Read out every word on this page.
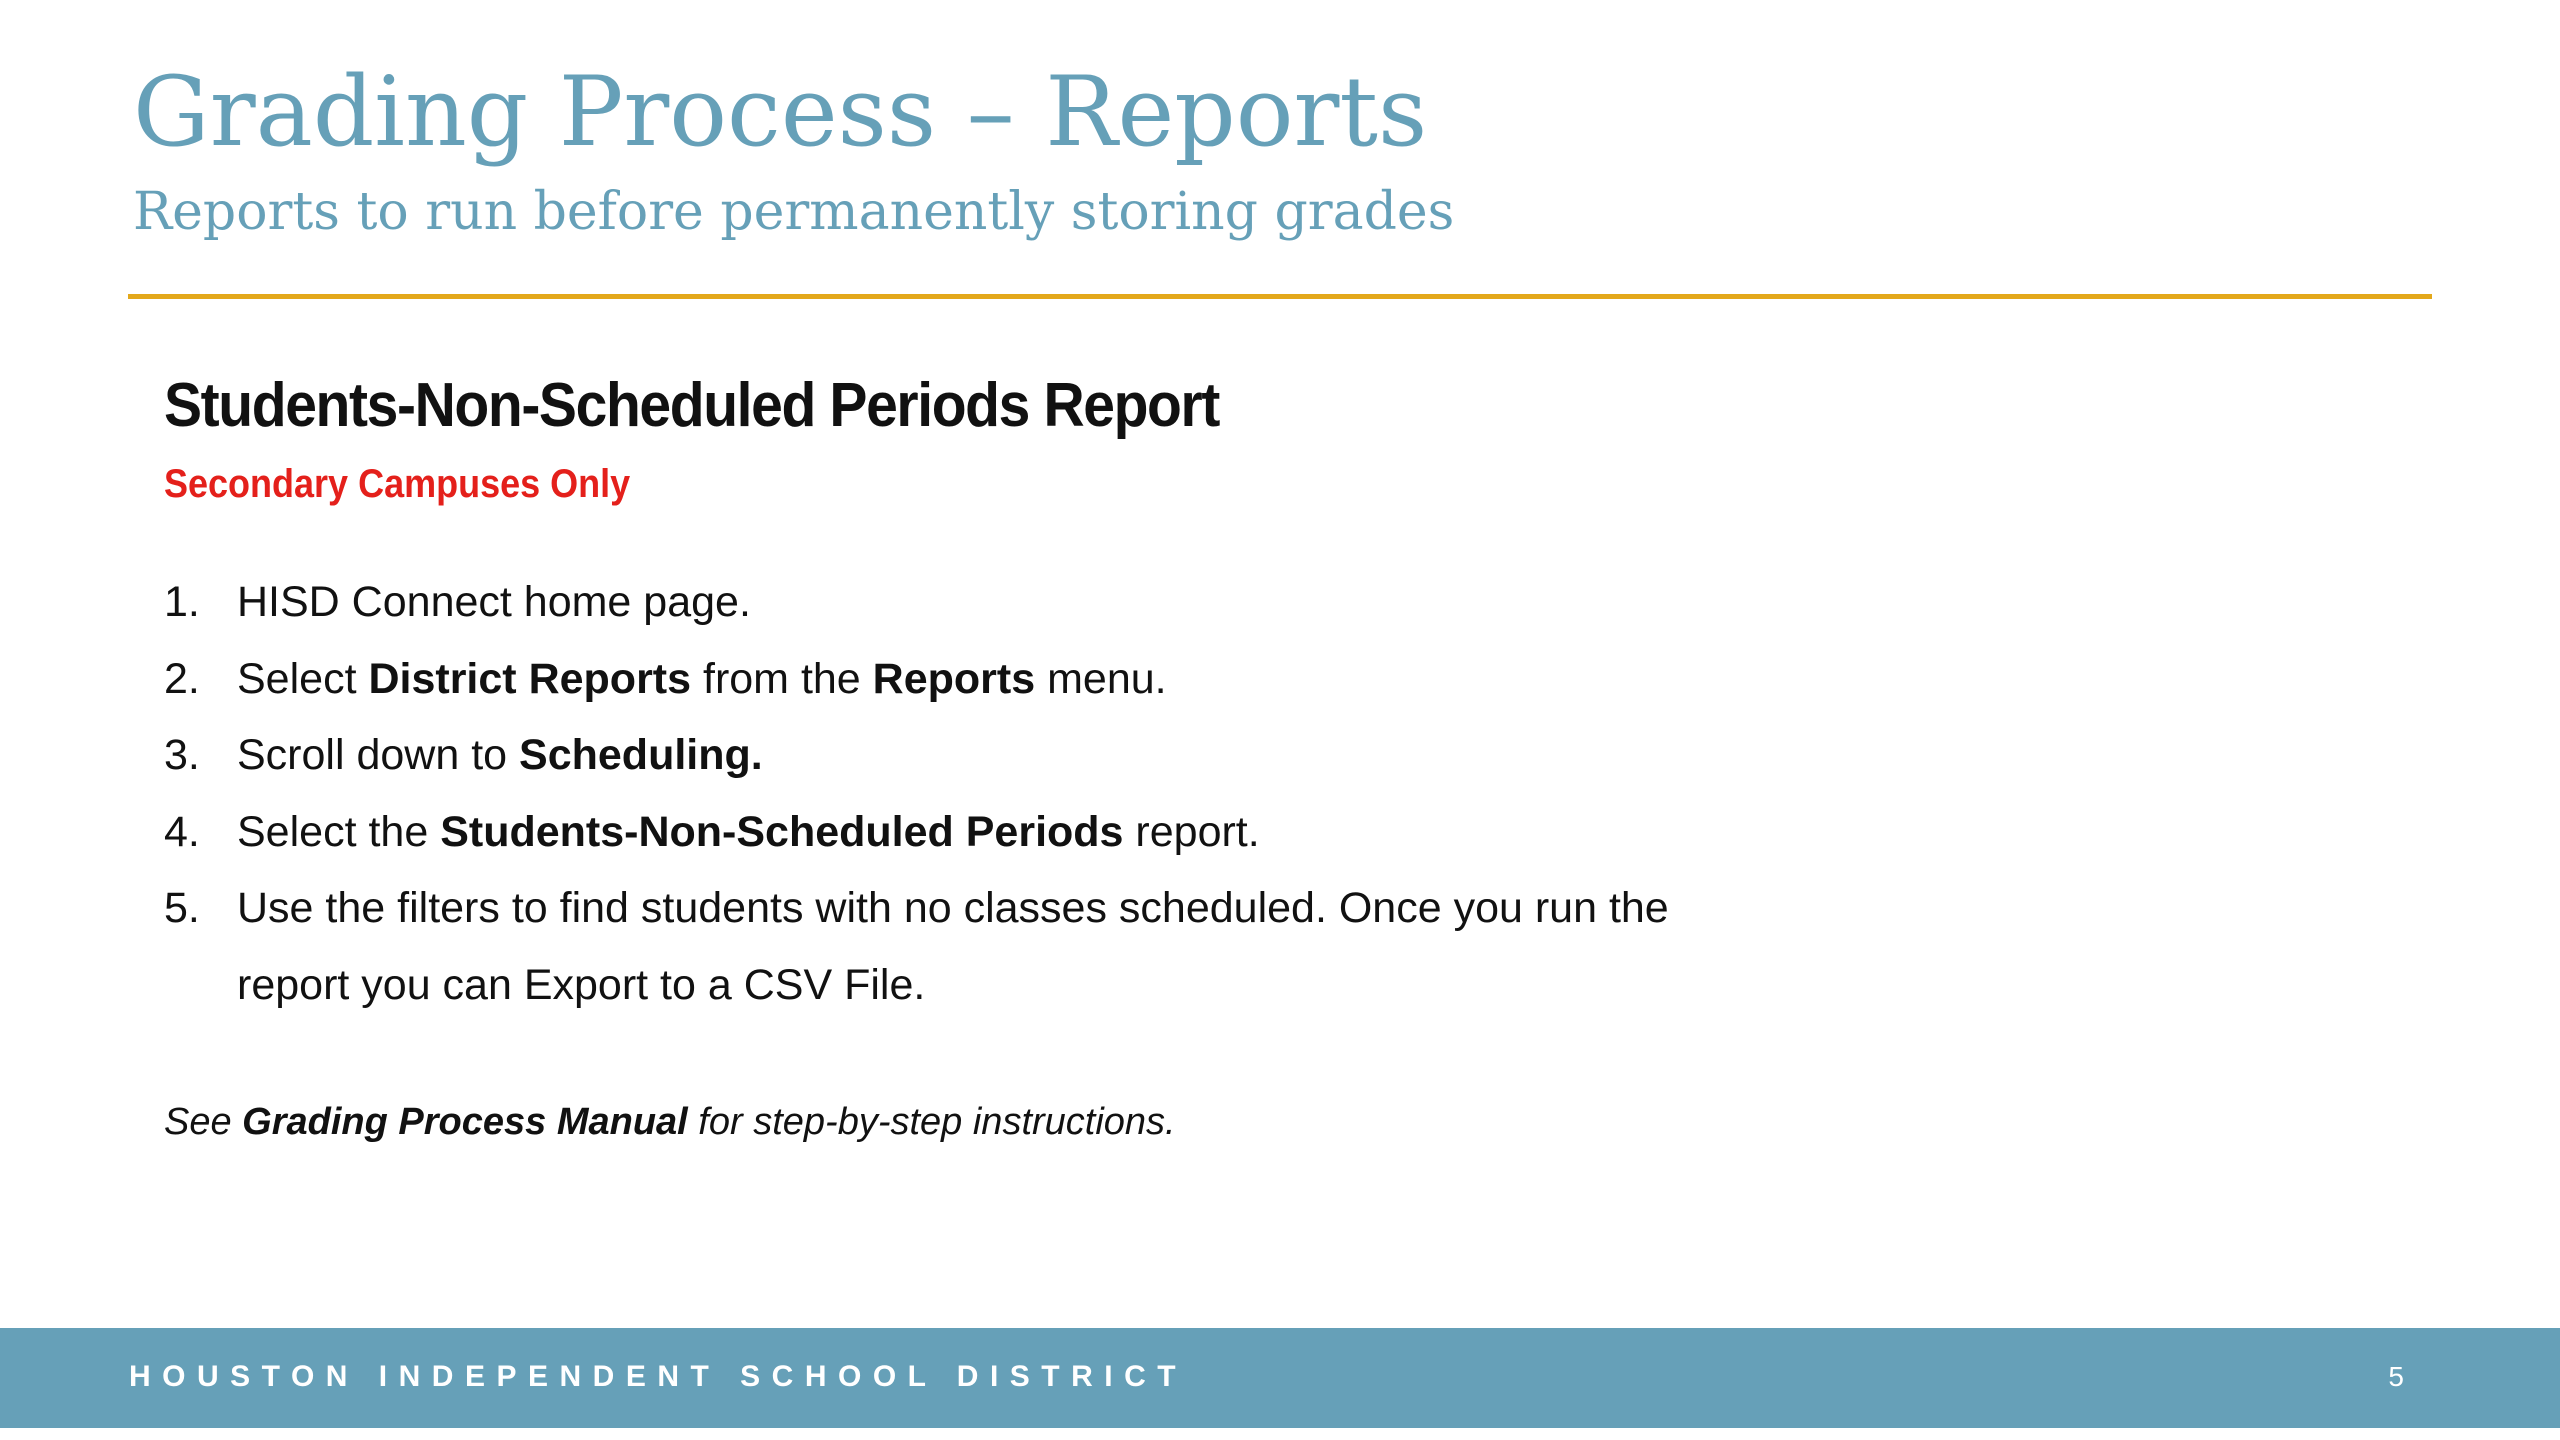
Grading Process – Reports
Reports to run before permanently storing grades
Students-Non-Scheduled Periods Report

Secondary Campuses Only

1. HISD Connect home page.
2. Select District Reports from the Reports menu.
3. Scroll down to Scheduling.
4. Select the Students-Non-Scheduled Periods report.
5. Use the filters to find students with no classes scheduled. Once you run the report you can Export to a CSV File.

See Grading Process Manual for step-by-step instructions.

HOUSTON INDEPENDENT SCHOOL DISTRICT	5
